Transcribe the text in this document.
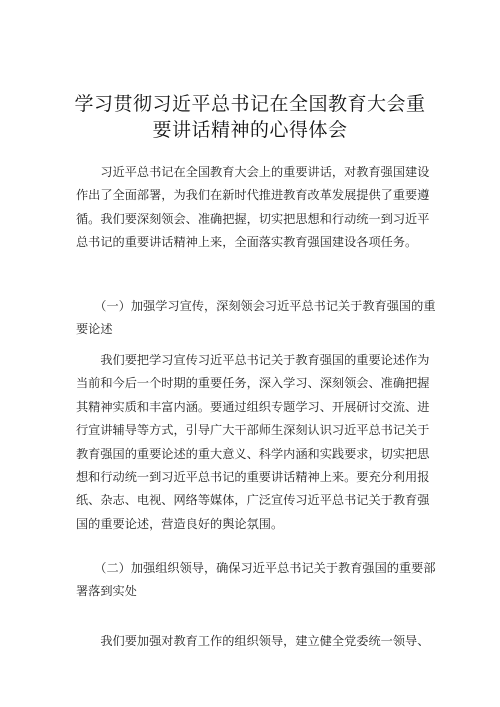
学习贯彻习近平总书记在全国教育大会重
要讲话精神的心得体会

　　习近平总书记在全国教育大会上的重要讲话，对教育强国建设作出了全面部署，为我们在新时代推进教育改革发展提供了重要遵循。我们要深刻领会、准确把握，切实把思想和行动统一到习近平总书记的重要讲话精神上来，全面落实教育强国建设各项任务。

　　（一）加强学习宣传，深刻领会习近平总书记关于教育强国的重要论述

　　我们要把学习宣传习近平总书记关于教育强国的重要论述作为当前和今后一个时期的重要任务，深入学习、深刻领会、准确把握其精神实质和丰富内涵。要通过组织专题学习、开展研讨交流、进行宣讲辅导等方式，引导广大干部师生深刻认识习近平总书记关于教育强国的重要论述的重大意义、科学内涵和实践要求，切实把思想和行动统一到习近平总书记的重要讲话精神上来。要充分利用报纸、杂志、电视、网络等媒体，广泛宣传习近平总书记关于教育强国的重要论述，营造良好的舆论氛围。

　　（二）加强组织领导，确保习近平总书记关于教育强国的重要部署落到实处

　　我们要加强对教育工作的组织领导，建立健全党委统一领导、
